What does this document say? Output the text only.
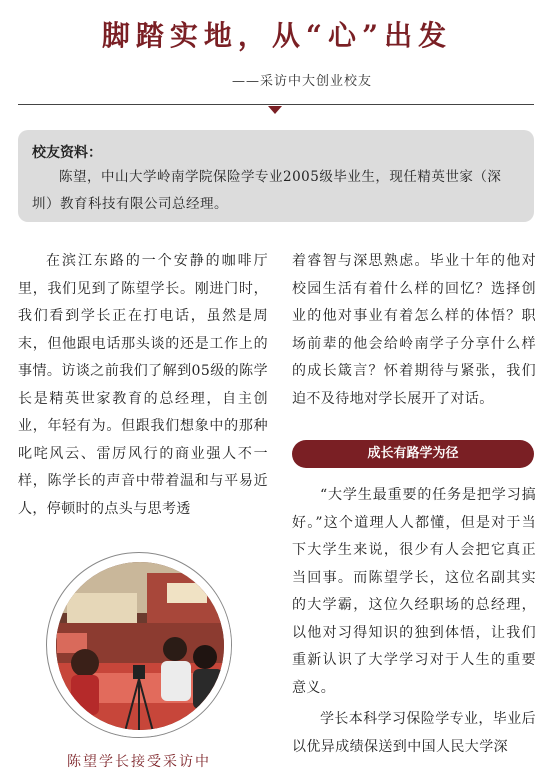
脚踏实地，从“心”出发
——采访中大创业校友
校友资料：
陈望，中山大学岭南学院保险学专业2005级毕业生，现任精英世家（深圳）教育科技有限公司总经理。
在滨江东路的一个安静的咖啡厅里，我们见到了陈望学长。刚进门时，我们看到学长正在打电话，虽然是周末，但他跟电话那头谈的还是工作上的事情。访谈之前我们了解到05级的陈学长是精英世家教育的总经理，自主创业，年轻有为。但跟我们想象中的那种叱咤风云、雷厉风行的商业强人不一样，陈学长的声音中带着温和与平易近人，停顿时的点头与思考透
着睿智与深思熟虑。毕业十年的他对校园生活有着什么样的回忆？选择创业的他对事业有着怎么样的体悟？职场前辈的他会给岭南学子分享什么样的成长箴言？怀着期待与紧张，我们迫不及待地对学长展开了对话。
成长有路学为径

“大学生最重要的任务是把学习搞好。”这个道理人人都懂，但是对于当下大学生来说，很少有人会把它真正当回事。而陈望学长，这位名副其实的大学霸，这位久经职场的总经理，以他对习得知识的独到体悟，让我们重新认识了大学学习对于人生的重要意义。

学长本科学习保险学专业，毕业后以优异成绩保送到中国人民大学深

陈望学长接受采访中
